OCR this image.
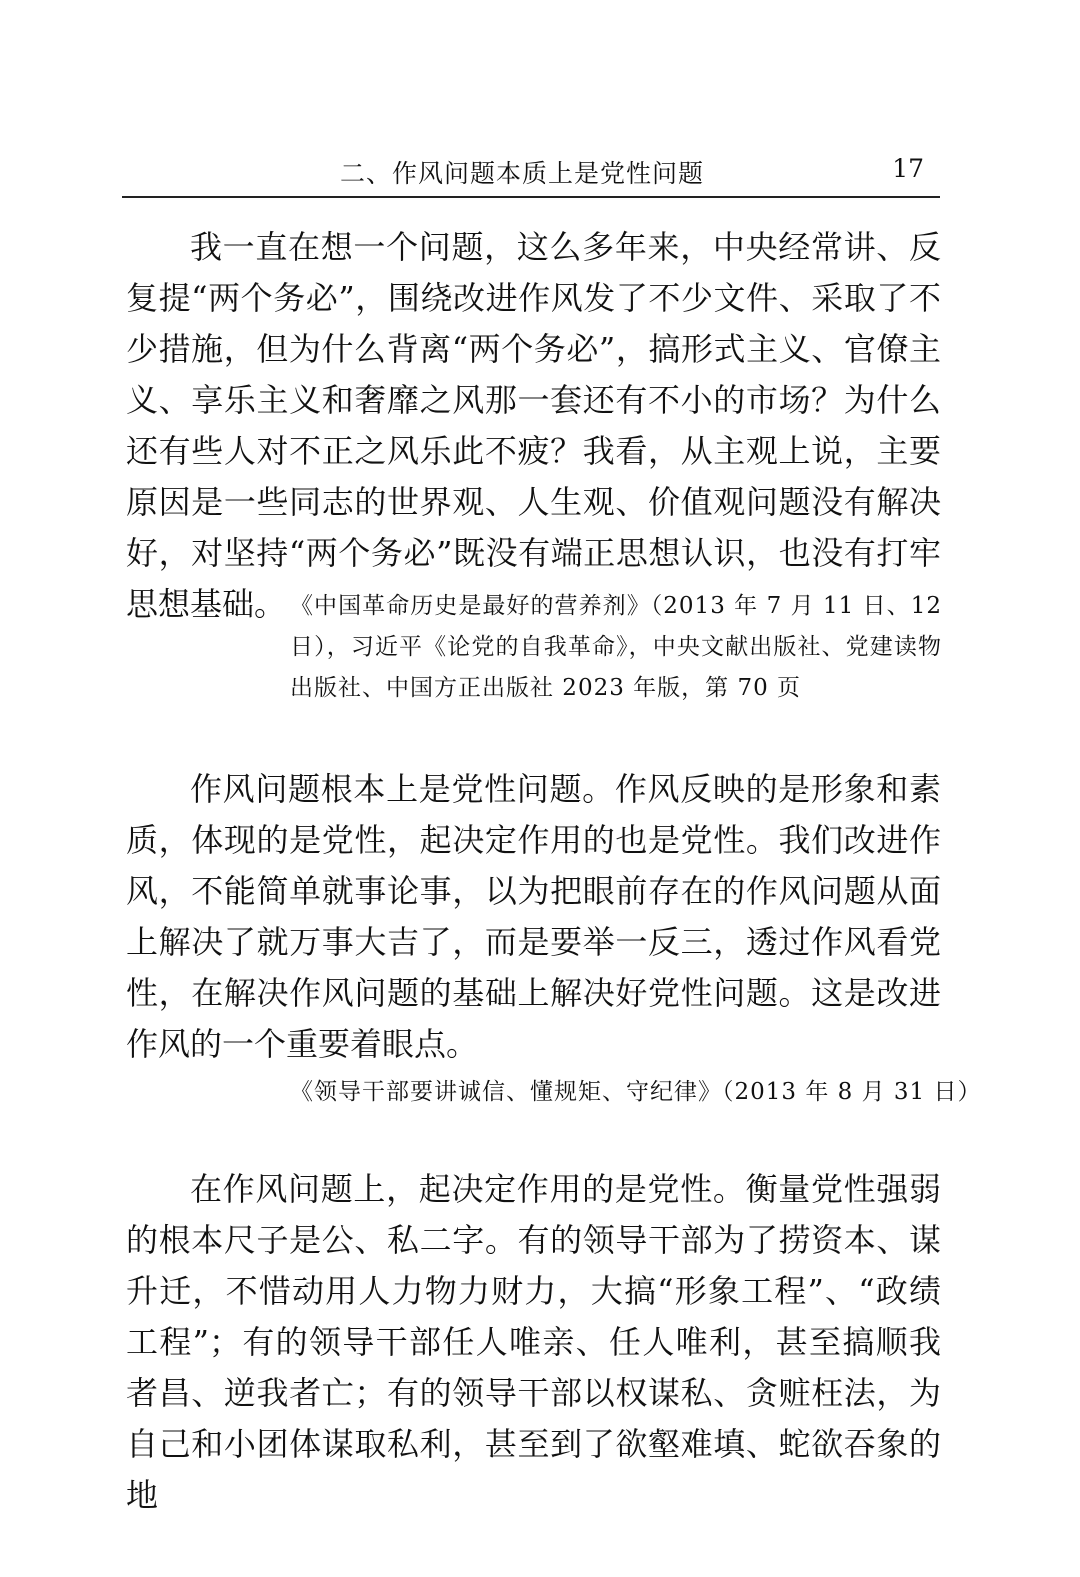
二、作风问题本质上是党性问题	17

我一直在想一个问题，这么多年来，中央经常讲、反复提“两个务必”，围绕改进作风发了不少文件、采取了不少措施，但为什么背离“两个务必”，搞形式主义、官僚主义、享乐主义和奢靡之风那一套还有不小的市场？为什么还有些人对不正之风乐此不疲？我看，从主观上说，主要原因是一些同志的世界观、人生观、价值观问题没有解决好，对坚持“两个务必”既没有端正思想认识，也没有打牢思想基础。 《中国革命历史是最好的营养剂》（2013 年 7 月 11 日、12 日），习近平《论党的自我革命》，中央文献出版社、党建读物出版社、中国方正出版社 2023 年版，第 70 页

作风问题根本上是党性问题。作风反映的是形象和素质，体现的是党性，起决定作用的也是党性。我们改进作风，不能简单就事论事，以为把眼前存在的作风问题从面上解决了就万事大吉了，而是要举一反三，透过作风看党性，在解决作风问题的基础上解决好党性问题。这是改进作风的一个重要着眼点。

《领导干部要讲诚信、懂规矩、守纪律》（2013 年 8 月 31 日）

在作风问题上，起决定作用的是党性。衡量党性强弱的根本尺子是公、私二字。有的领导干部为了捞资本、谋升迁，不惜动用人力物力财力，大搞“形象工程”、“政绩工程”；有的领导干部任人唯亲、任人唯利，甚至搞顺我者昌、逆我者亡；有的领导干部以权谋私、贪赃枉法，为自己和小团体谋取私利，甚至到了欲壑难填、蛇欲吞象的地
